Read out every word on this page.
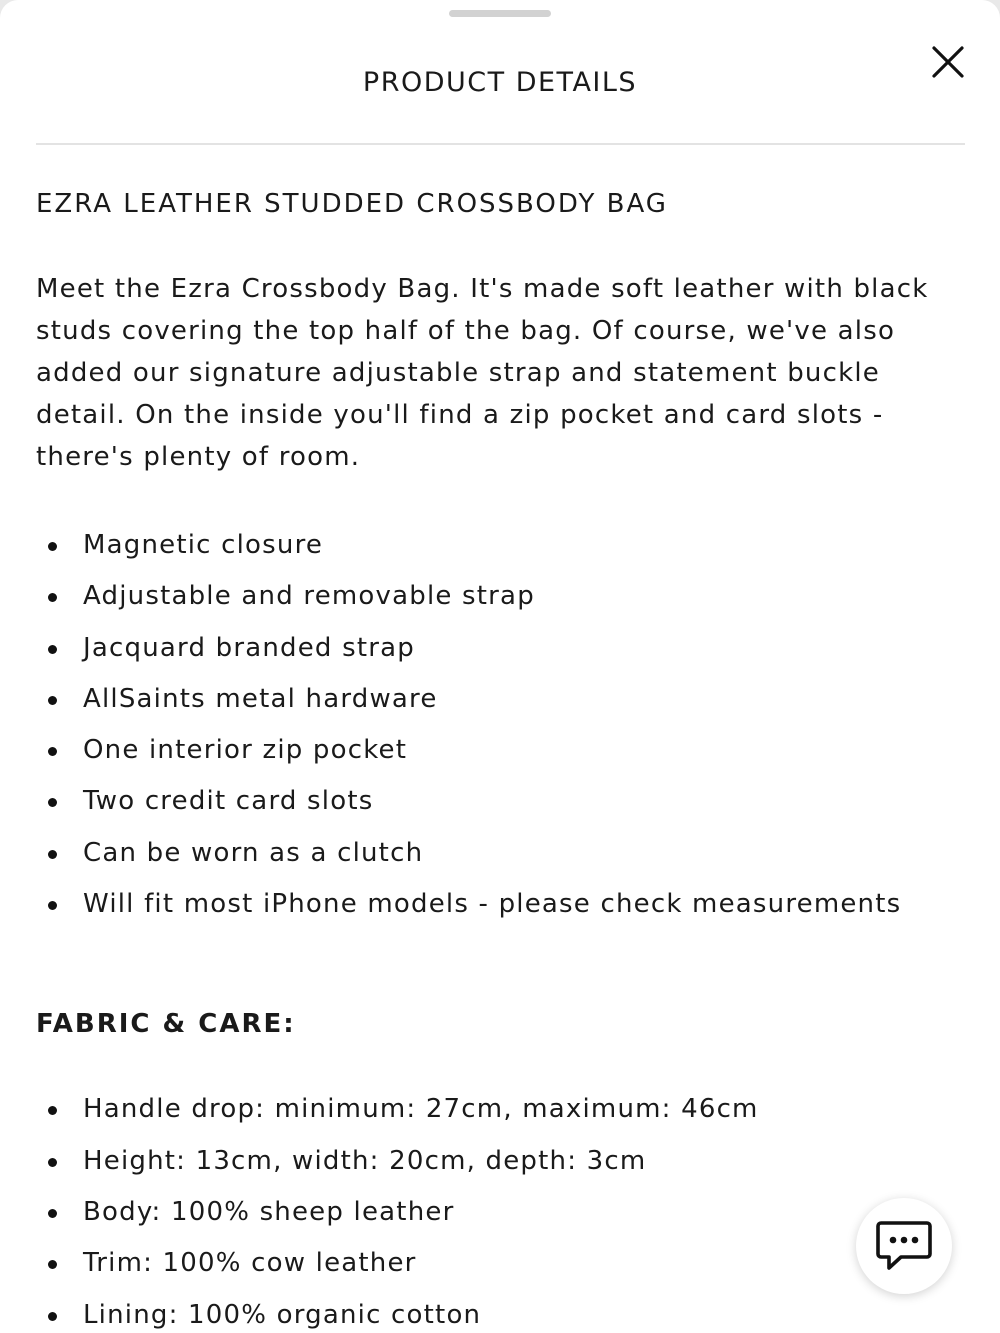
PRODUCT DETAILS
EZRA LEATHER STUDDED CROSSBODY BAG

Meet the Ezra Crossbody Bag. It's made soft leather with black studs covering the top half of the bag. Of course, we've also added our signature adjustable strap and statement buckle detail. On the inside you'll find a zip pocket and card slots - there's plenty of room.

Magnetic closure
Adjustable and removable strap
Jacquard branded strap
AllSaints metal hardware
One interior zip pocket
Two credit card slots
Can be worn as a clutch
Will fit most iPhone models - please check measurements
FABRIC & CARE:
Handle drop: minimum: 27cm, maximum: 46cm
Height: 13cm, width: 20cm, depth: 3cm
Body: 100% sheep leather
Trim: 100% cow leather
Lining: 100% organic cotton
